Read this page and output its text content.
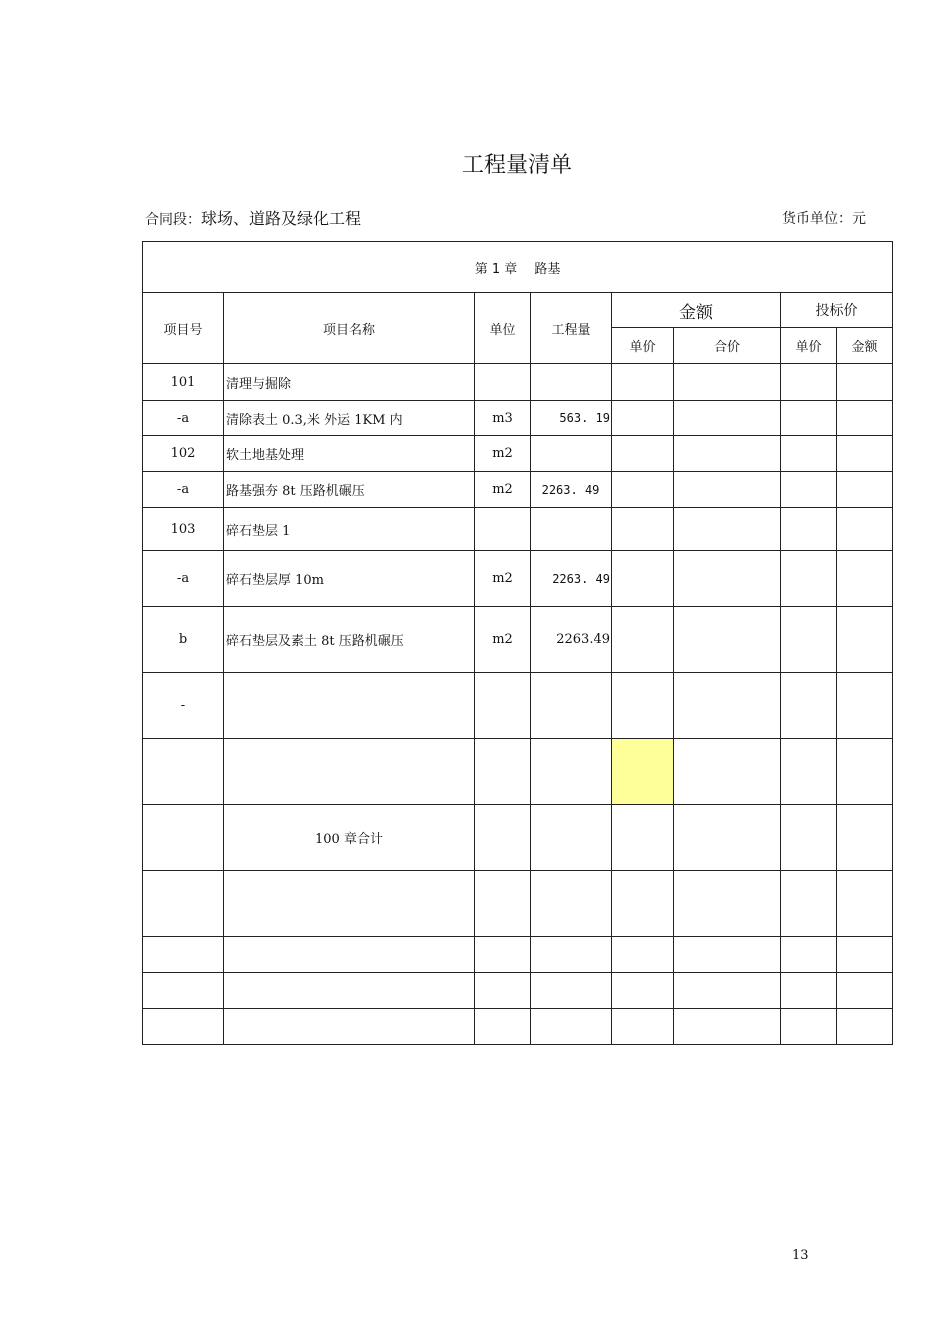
工程量清单
合同段：球场、道路及绿化工程	货币单位：元
第 1 章　 路基							
项目号	项目名称	单位	工程量	金额		投标价	
				单价	合价	单价	金额
101	清理与掘除						
-a	清除表土 0.3,米 外运 1KM 内	m3	563. 19				
102	软土地基处理	m2					
-a	路基强夯 8t 压路机碾压	m2	2263. 49				
103	碎石垫层 1						
-a	碎石垫层厚 10m	m2	2263. 49				
b	碎石垫层及素土 8t 压路机碾压	m2	2263.49				
-							

	100 章合计						

13
